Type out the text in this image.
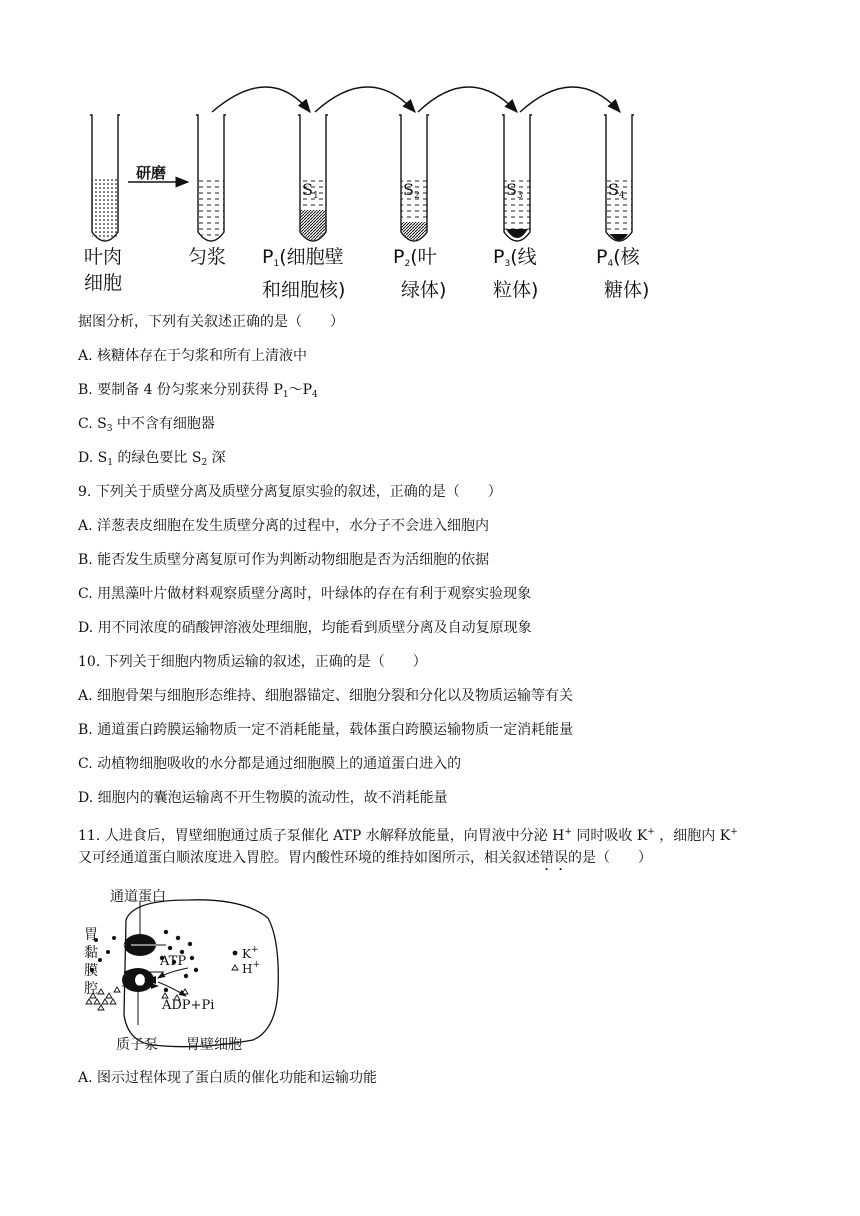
研磨
$S_1$	$S_2$	$S_3$	$S_4$
叶肉
细胞
匀浆 $P_1$(细胞壁
和细胞核)
$P_2$(叶
绿体)
$P_3$(线
粒体)
$P_4$(核
糖体)
据图分析，下列有关叙述正确的是（　　）
A. 核糖体存在于匀浆和所有上清液中
B. 要制备 4 份匀浆来分别获得 $P_1\sim P_4$
C. $S_3$ 中不含有细胞器
D. $S_1$ 的绿色要比 $S_2$ 深
9. 下列关于质壁分离及质壁分离复原实验的叙述，正确的是（　　）
A. 洋葱表皮细胞在发生质壁分离的过程中，水分子不会进入细胞内
B. 能否发生质壁分离复原可作为判断动物细胞是否为活细胞的依据
C. 用黑藻叶片做材料观察质壁分离时，叶绿体的存在有利于观察实验现象
D. 用不同浓度的硝酸钾溶液处理细胞，均能看到质壁分离及自动复原现象
10. 下列关于细胞内物质运输的叙述，正确的是（　　）
A. 细胞骨架与细胞形态维持、细胞器锚定、细胞分裂和分化以及物质运输等有关
B. 通道蛋白跨膜运输物质一定不消耗能量，载体蛋白跨膜运输物质一定消耗能量
C. 动植物细胞吸收的水分都是通过细胞膜上的通道蛋白进入的
D. 细胞内的囊泡运输离不开生物膜的流动性，故不消耗能量
11. 人进食后，胃壁细胞通过质子泵催化 ATP 水解释放能量，向胃液中分泌 H+ 同时吸收 K+ ，细胞内 K+
又可经通道蛋白顺浓度进入胃腔。胃内酸性环境的维持如图所示，相关叙述错误的是（　　）
通道蛋白
胃
黏
膜
腔
ATP
ADP+Pi
K+
H+
质子泵 胃壁细胞
A. 图示过程体现了蛋白质的催化功能和运输功能
